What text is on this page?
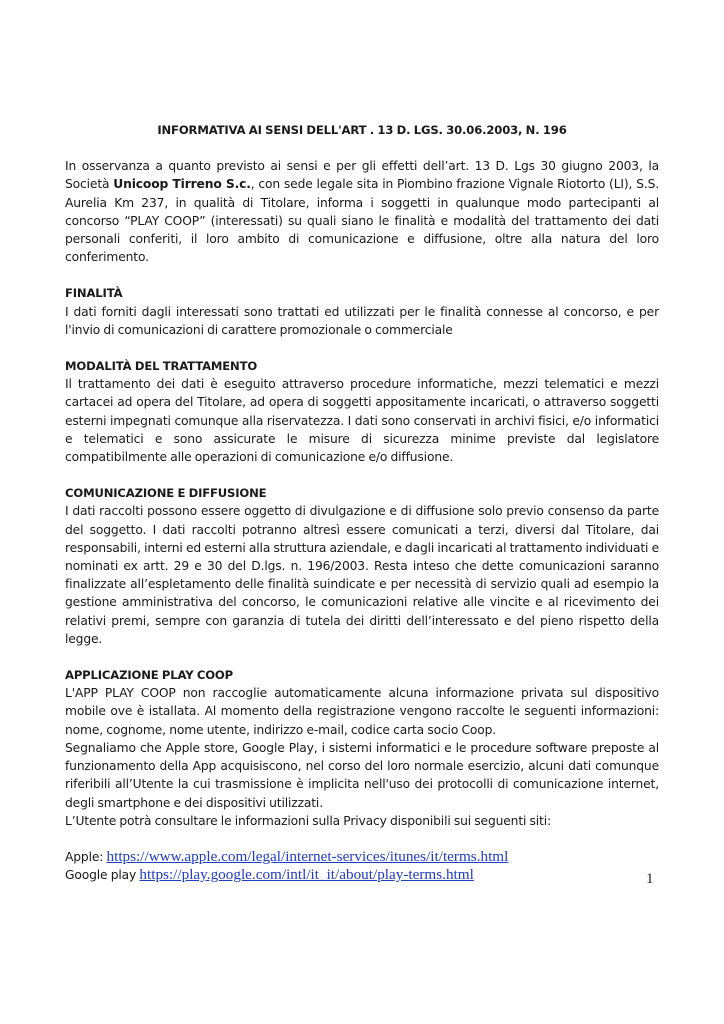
INFORMATIVA AI SENSI DELL'ART . 13 D. LGS. 30.06.2003, N. 196

In osservanza a quanto previsto ai sensi e per gli effetti dell’art. 13 D. Lgs 30 giugno 2003, la Società Unicoop Tirreno S.c., con sede legale sita in Piombino frazione Vignale Riotorto (LI), S.S. Aurelia Km 237, in qualità di Titolare, informa i soggetti in qualunque modo partecipanti al concorso “PLAY COOP” (interessati) su quali siano le finalità e modalità del trattamento dei dati personali conferiti, il loro ambito di comunicazione e diffusione, oltre alla natura del loro conferimento.

FINALITÀ

I dati forniti dagli interessati sono trattati ed utilizzati per le finalità connesse al concorso, e per l'invio di comunicazioni di carattere promozionale o commerciale

MODALITÀ DEL TRATTAMENTO

Il trattamento dei dati è eseguito attraverso procedure informatiche, mezzi telematici e mezzi cartacei ad opera del Titolare, ad opera di soggetti appositamente incaricati, o attraverso soggetti esterni impegnati comunque alla riservatezza. I dati sono conservati in archivi fisici, e/o informatici e telematici e sono assicurate le misure di sicurezza minime previste dal legislatore compatibilmente alle operazioni di comunicazione e/o diffusione.

COMUNICAZIONE E DIFFUSIONE

I dati raccolti possono essere oggetto di divulgazione e di diffusione solo previo consenso da parte del soggetto. I dati raccolti potranno altresì essere comunicati a terzi, diversi dal Titolare, dai responsabili, interni ed esterni alla struttura aziendale, e dagli incaricati al trattamento individuati e nominati ex artt. 29 e 30 del D.lgs. n. 196/2003. Resta inteso che dette comunicazioni saranno finalizzate all’espletamento delle finalità suindicate e per necessità di servizio quali ad esempio la gestione amministrativa del concorso, le comunicazioni relative alle vincite e al ricevimento dei relativi premi, sempre con garanzia di tutela dei diritti dell’interessato e del pieno rispetto della legge.

APPLICAZIONE PLAY COOP

L'APP PLAY COOP non raccoglie automaticamente alcuna informazione privata sul dispositivo mobile ove è istallata. Al momento della registrazione vengono raccolte le seguenti informazioni: nome, cognome, nome utente, indirizzo e-mail, codice carta socio Coop.

Segnaliamo che Apple store, Google Play, i sistemi informatici e le procedure software preposte al funzionamento della App acquisiscono, nel corso del loro normale esercizio, alcuni dati comunque riferibili all’Utente la cui trasmissione è implicita nell'uso dei protocolli di comunicazione internet, degli smartphone e dei dispositivi utilizzati.

L’Utente potrà consultare le informazioni sulla Privacy disponibili sui seguenti siti:

Apple: https://www.apple.com/legal/internet-services/itunes/it/terms.html

Google play https://play.google.com/intl/it_it/about/play-terms.html	1
